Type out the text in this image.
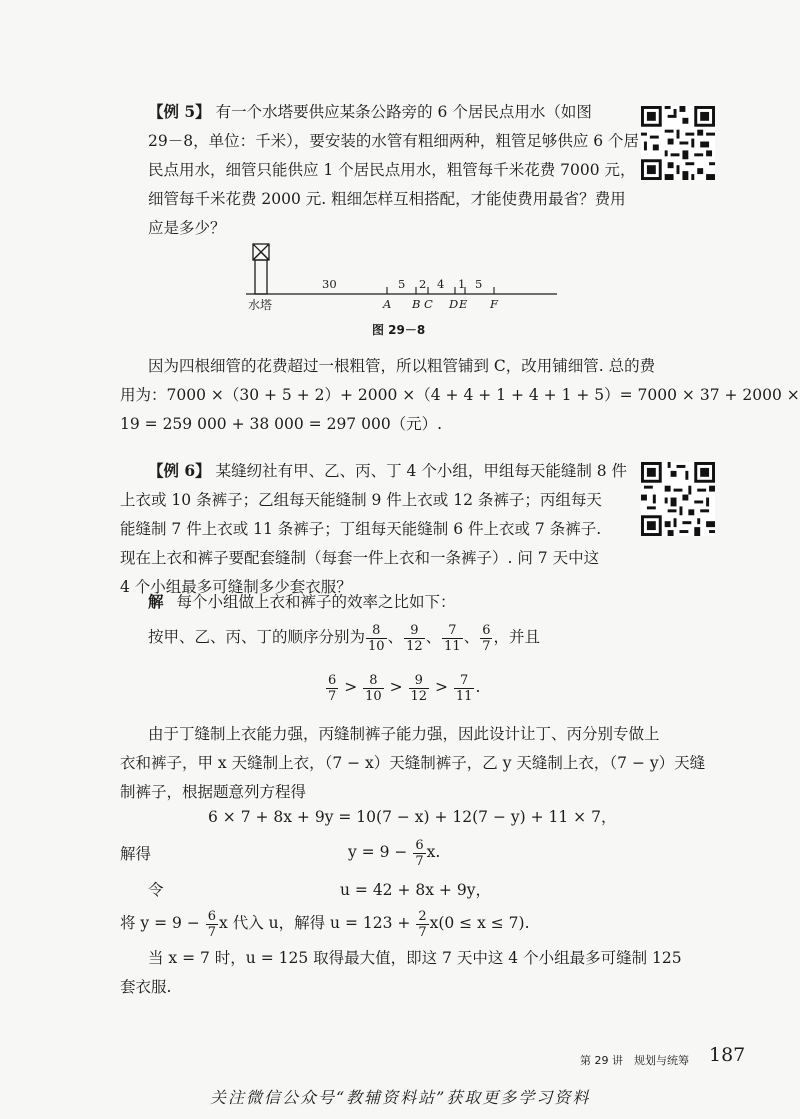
【例 5】 有一个水塔要供应某条公路旁的 6 个居民点用水（如图
29－8，单位：千米），要安装的水管有粗细两种，粗管足够供应 6 个居
民点用水，细管只能供应 1 个居民点用水，粗管每千米花费 7000 元，
细管每千米花费 2000 元. 粗细怎样互相搭配，才能使费用最省？费用
应是多少？
30	5 2 4 1 5
A B C D E F
水塔
图 29－8
因为四根细管的花费超过一根粗管，所以粗管铺到 C，改用铺细管. 总的费
用为：7000 ×（30 + 5 + 2）+ 2000 ×（4 + 4 + 1 + 4 + 1 + 5）= 7000 × 37 + 2000 ×
19 = 259 000 + 38 000 = 297 000（元）.
【例 6】 某缝纫社有甲、乙、丙、丁 4 个小组，甲组每天能缝制 8 件
上衣或 10 条裤子；乙组每天能缝制 9 件上衣或 12 条裤子；丙组每天
能缝制 7 件上衣或 11 条裤子；丁组每天能缝制 6 件上衣或 7 条裤子.
现在上衣和裤子要配套缝制（每套一件上衣和一条裤子）. 问 7 天中这
4 个小组最多可缝制多少套衣服？
解 每个小组做上衣和裤子的效率之比如下：
按甲、乙、丙、丁的顺序分别为 $\frac{8}{10}$ 、 $\frac{9}{12}$ 、 $\frac{7}{11}$ 、 $\frac{6}{7}$ ，并且
$\frac{6}{7} > \frac{8}{10} > \frac{9}{12} > \frac{7}{11}$ .
由于丁缝制上衣能力强，丙缝制裤子能力强，因此设计让丁、丙分别专做上
衣和裤子，甲 x 天缝制上衣，（7 − x）天缝制裤子，乙 y 天缝制上衣，（7 − y）天缝
制裤子，根据题意列方程得
6 × 7 + 8x + 9y = 10(7 − x) + 12(7 − y) + 11 × 7，
解得	$y = 9 - \frac{6}{7} x$.
令	u = 42 + 8x + 9y，
将 $y = 9 - \frac{6}{7}$ x 代入 u，解得 $u = 123 + \frac{2}{7} x(0 \le x \le 7)$.
当 x = 7 时，u = 125 取得最大值，即这 7 天中这 4 个小组最多可缝制 125
套衣服.
第 29 讲　规划与统筹 187
关注微信公众号“教辅资料站”获取更多学习资料
